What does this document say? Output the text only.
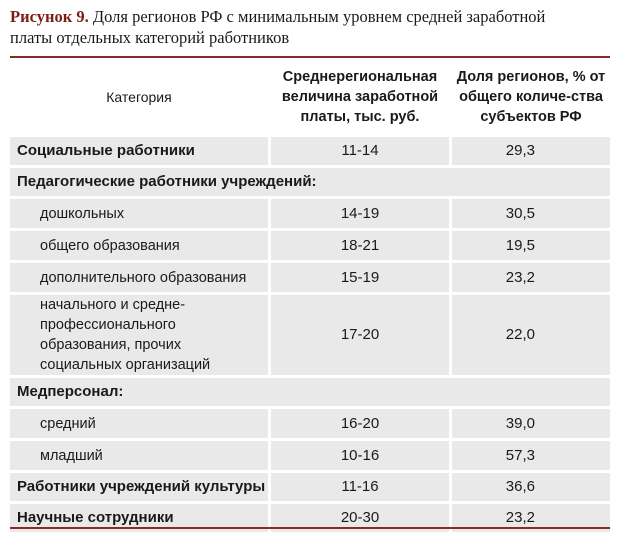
Рисунок 9. Доля регионов РФ с минимальным уровнем средней заработной платы отдельных категорий работников
Категория	Среднерегиональная величина заработной платы, тыс. руб.	Доля регионов, % от общего количе-ства субъектов РФ
Социальные работники	11-14	29,3
Педагогические работники учреждений:		
дошкольных	14-19	30,5
общего образования	18-21	19,5
дополнительного образования	15-19	23,2
начального и средне-профессионального образования, прочих социальных организаций	17-20	22,0
Медперсонал:		
средний	16-20	39,0
младший	10-16	57,3
Работники учреждений культуры	11-16	36,6
Научные сотрудники	20-30	23,2
